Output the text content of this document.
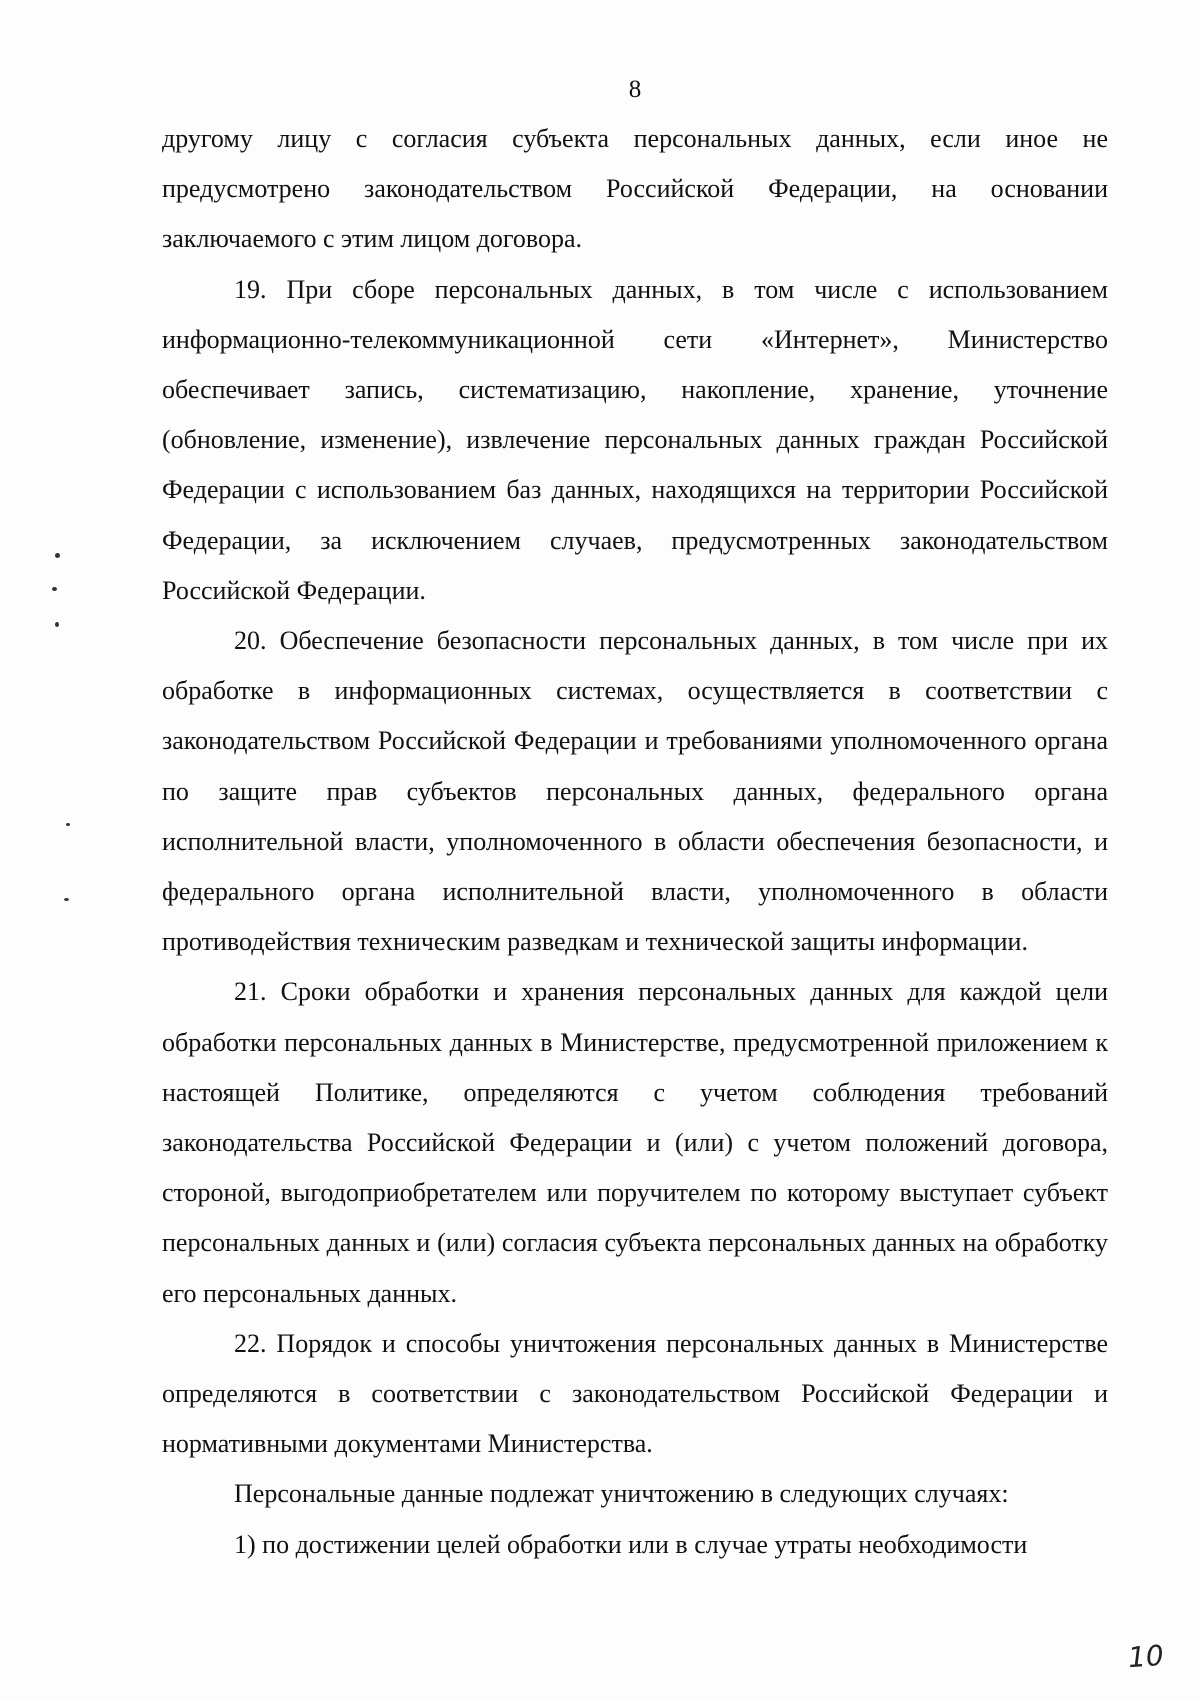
8

другому лицу с согласия субъекта персональных данных, если иное не предусмотрено законодательством Российской Федерации, на основании заключаемого с этим лицом договора.

19. При сборе персональных данных, в том числе с использованием информационно-телекоммуникационной сети «Интернет», Министерство обеспечивает запись, систематизацию, накопление, хранение, уточнение (обновление, изменение), извлечение персональных данных граждан Российской Федерации с использованием баз данных, находящихся на территории Российской Федерации, за исключением случаев, предусмотренных законодательством Российской Федерации.

20. Обеспечение безопасности персональных данных, в том числе при их обработке в информационных системах, осуществляется в соответствии с законодательством Российской Федерации и требованиями уполномоченного органа по защите прав субъектов персональных данных, федерального органа исполнительной власти, уполномоченного в области обеспечения безопасности, и федерального органа исполнительной власти, уполномоченного в области противодействия техническим разведкам и технической защиты информации.

21. Сроки обработки и хранения персональных данных для каждой цели обработки персональных данных в Министерстве, предусмотренной приложением к настоящей Политике, определяются с учетом соблюдения требований законодательства Российской Федерации и (или) с учетом положений договора, стороной, выгодоприобретателем или поручителем по которому выступает субъект персональных данных и (или) согласия субъекта персональных данных на обработку его персональных данных.

22. Порядок и способы уничтожения персональных данных в Министерстве определяются в соответствии с законодательством Российской Федерации и нормативными документами Министерства.

Персональные данные подлежат уничтожению в следующих случаях:

1) по достижении целей обработки или в случае утраты необходимости

10
